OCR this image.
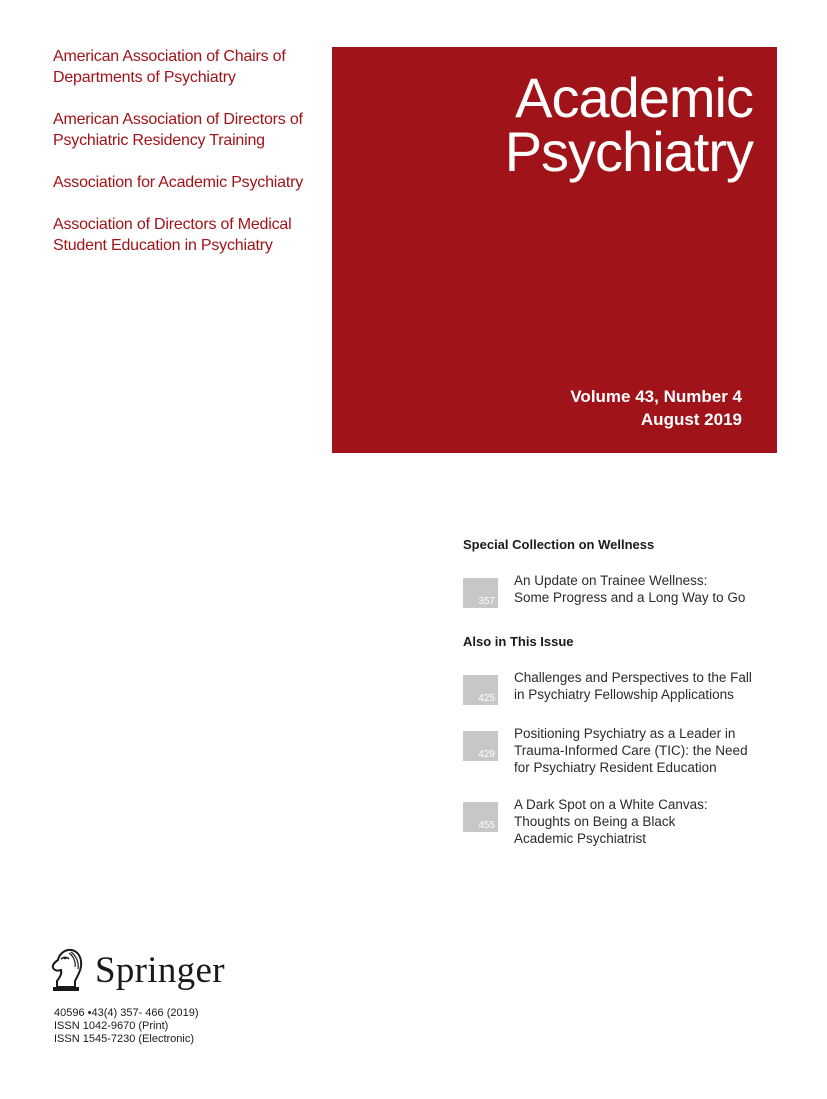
American Association of Chairs of
Departments of Psychiatry
American Association of Directors of
Psychiatric Residency Training
Association for Academic Psychiatry
Association of Directors of Medical
Student Education in Psychiatry
Academic
Psychiatry
Volume 43, Number 4
August 2019
Special Collection on Wellness
357
An Update on Trainee Wellness:
Some Progress and a Long Way to Go
Also in This Issue
425
Challenges and Perspectives to the Fall
in Psychiatry Fellowship Applications
429
Positioning Psychiatry as a Leader in
Trauma-Informed Care (TIC): the Need
for Psychiatry Resident Education
455
A Dark Spot on a White Canvas:
Thoughts on Being a Black
Academic Psychiatrist
Springer
40596 •43(4) 357- 466 (2019)
ISSN 1042-9670 (Print)
ISSN 1545-7230 (Electronic)
